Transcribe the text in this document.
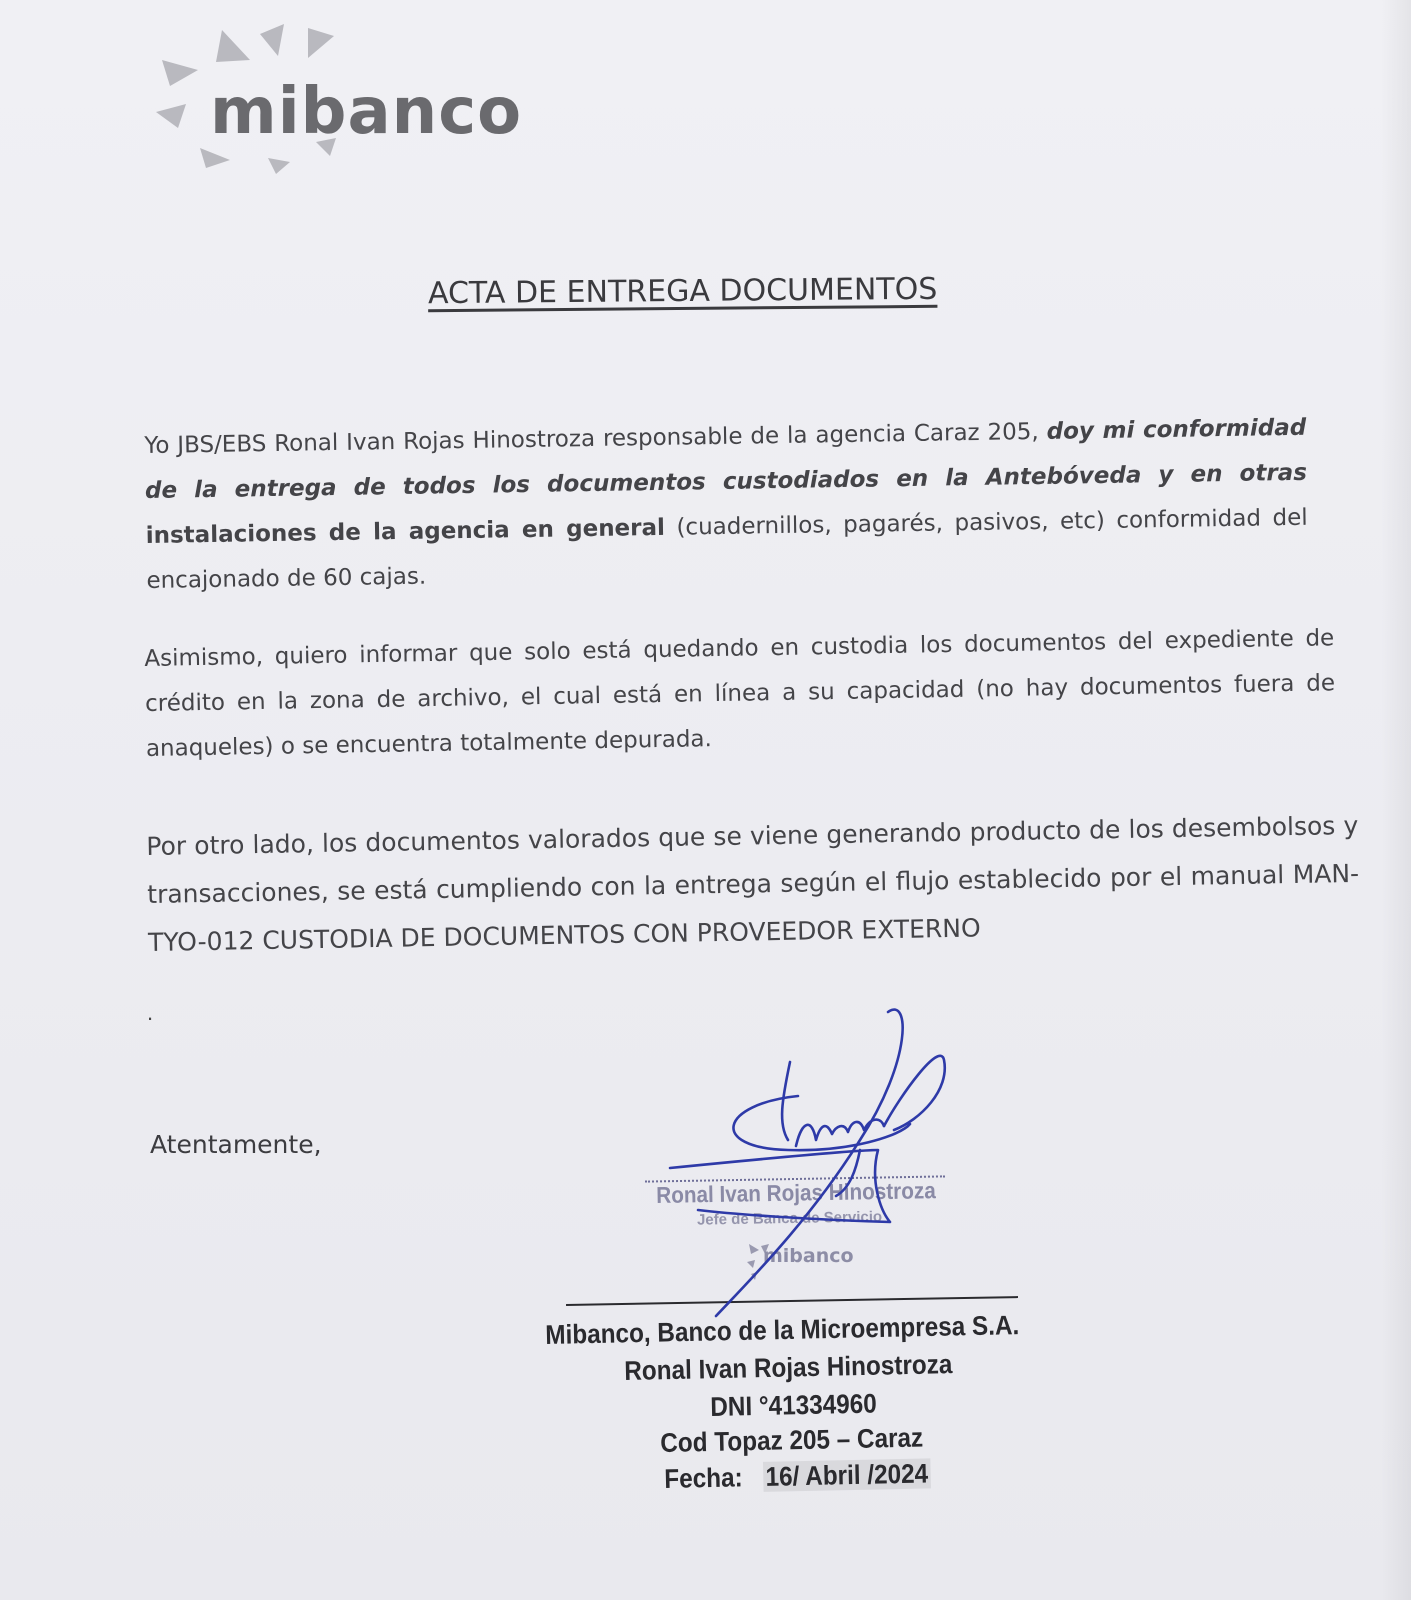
mibanco
ACTA DE ENTREGA DOCUMENTOS
Yo JBS/EBS Ronal Ivan Rojas Hinostroza responsable de la agencia Caraz 205, doy mi conformidad de la entrega de todos los documentos custodiados en la Antebóveda y en otras instalaciones de la agencia en general (cuadernillos, pagarés, pasivos, etc) conformidad del encajonado de 60 cajas.
Asimismo, quiero informar que solo está quedando en custodia los documentos del expediente de crédito en la zona de archivo, el cual está en línea a su capacidad (no hay documentos fuera de anaqueles) o se encuentra totalmente depurada.
Por otro lado, los documentos valorados que se viene generando producto de los desembolsos y transacciones, se está cumpliendo con la entrega según el flujo establecido por el manual MAN-TYO-012 CUSTODIA DE DOCUMENTOS CON PROVEEDOR EXTERNO
.
Atentamente,
Ronal Ivan Rojas Hinostroza
Jefe de Banca de Servicio
mibanco
Mibanco, Banco de la Microempresa S.A.
Ronal Ivan Rojas Hinostroza
DNI °41334960
Cod Topaz 205 – Caraz
Fecha: 16/ Abril /2024
